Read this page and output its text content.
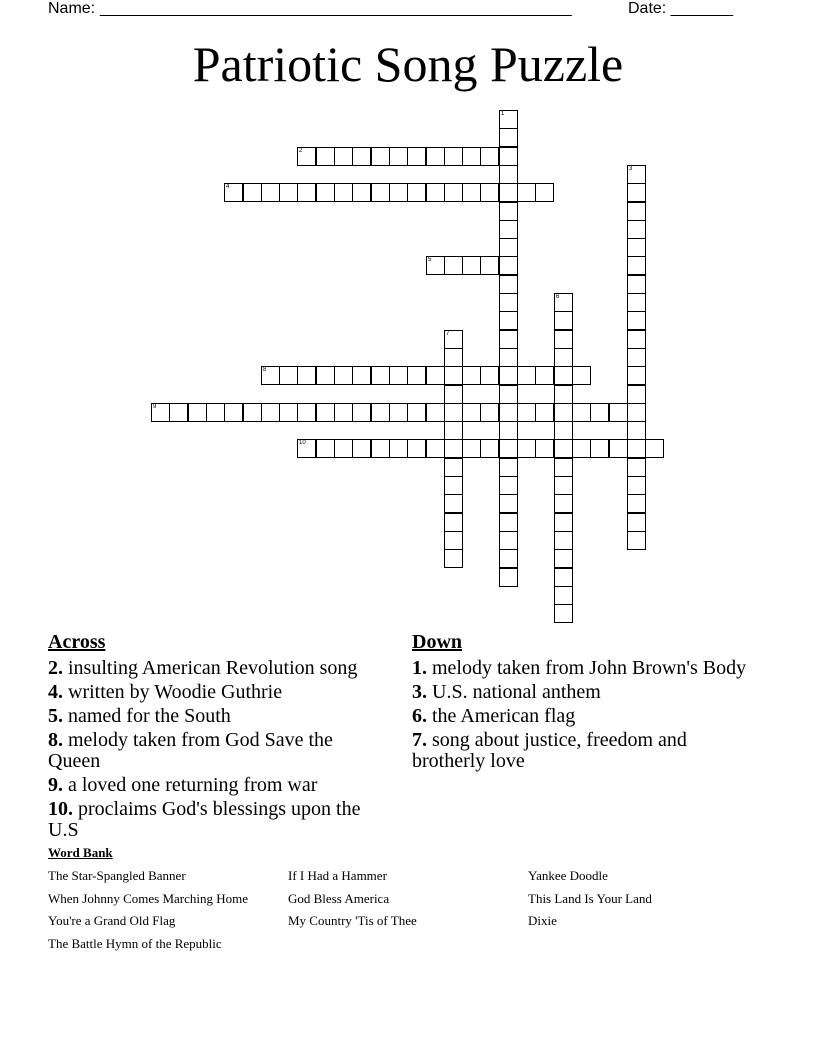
Name: _____________________________________________________	Date: _______
Patriotic Song Puzzle
1
2
3
4
5
6
7
8
9
10
Across
2. insulting American Revolution song
4. written by Woodie Guthrie
5. named for the South
8. melody taken from God Save the Queen
9. a loved one returning from war
10. proclaims God's blessings upon the U.S
Down
1. melody taken from John Brown's Body
3. U.S. national anthem
6. the American flag
7. song about justice, freedom and brotherly love
Word Bank
The Star-Spangled Banner	If I Had a Hammer	Yankee Doodle
When Johnny Comes Marching Home	God Bless America	This Land Is Your Land
You're a Grand Old Flag	My Country 'Tis of Thee	Dixie
The Battle Hymn of the Republic
